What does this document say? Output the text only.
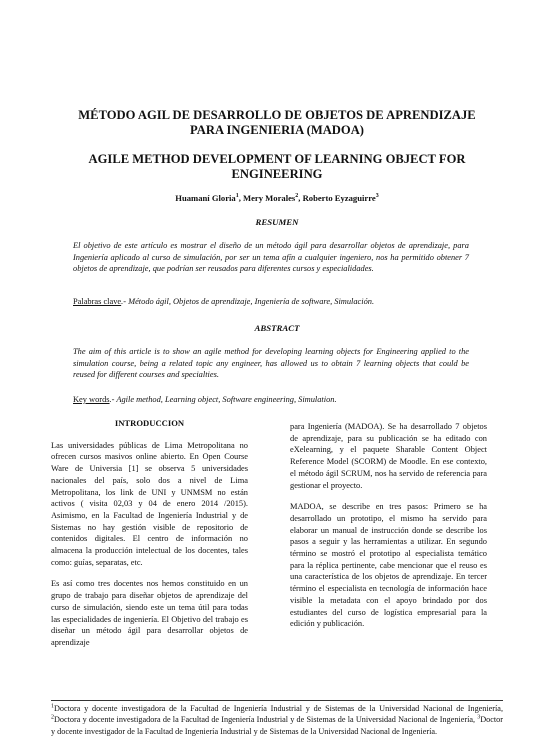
MÉTODO AGIL DE DESARROLLO DE OBJETOS DE APRENDIZAJE PARA INGENIERIA (MADOA)
AGILE METHOD DEVELOPMENT OF LEARNING OBJECT FOR ENGINEERING
Huamaní Gloria$^1$, Mery Morales$^2$, Roberto Eyzaguirre$^3$
RESUMEN
El objetivo de este artículo es mostrar el diseño de un método ágil para desarrollar objetos de aprendizaje, para Ingeniería aplicado al curso de simulación, por ser un tema afín a cualquier ingeniero, nos ha permitido obtener 7 objetos de aprendizaje, que podrían ser reusados para diferentes cursos y especialidades.
Palabras clave.- Método ágil, Objetos de aprendizaje, Ingeniería de software, Simulación.
ABSTRACT
The aim of this article is to show an agile method for developing learning objects for Engineering applied to the simulation course, being a related topic any engineer, has allowed us to obtain 7 learning objects that could be reused for different courses and specialties.
Key words.- Agile method, Learning object, Software engineering, Simulation.

INTRODUCCION

Las universidades públicas de Lima Metropolitana no ofrecen cursos masivos online abierto. En Open Course Ware de Universia [1] se observa 5 universidades nacionales del país, solo dos a nivel de Lima Metropolitana, los link de UNI y UNMSM no están activos ( visita 02,03 y 04 de enero 2014 /2015). Asimismo, en la Facultad de Ingeniería Industrial y de Sistemas no hay gestión visible de repositorio de contenidos digitales. El centro de información no almacena la producción intelectual de los docentes, tales como: guías, separatas, etc.

Es así como tres docentes nos hemos constituido en un grupo de trabajo para diseñar objetos de aprendizaje del curso de simulación, siendo este un tema útil para todas las especialidades de ingeniería. El Objetivo del trabajo es diseñar un método ágil para desarrollar objetos de aprendizaje

para Ingeniería (MADOA). Se ha desarrollado 7 objetos de aprendizaje, para su publicación se ha editado con eXelearning, y el paquete Sharable Content Object Reference Model (SCORM) de Moodle. En ese contexto, el método ágil SCRUM, nos ha servido de referencia para gestionar el proyecto.

MADOA, se describe en tres pasos: Primero se ha desarrollado un prototipo, el mismo ha servido para elaborar un manual de instrucción donde se describe los pasos a seguir y las herramientas a utilizar. En segundo término se mostró el prototipo al especialista temático para la réplica pertinente, cabe mencionar que el reuso es una característica de los objetos de aprendizaje. En tercer término el especialista en tecnología de información hace visible la metadata con el apoyo brindado por dos estudiantes del curso de logística empresarial para la edición y publicación.

$^1$Doctora y docente investigadora de la Facultad de Ingeniería Industrial y de Sistemas de la Universidad Nacional de Ingeniería, $^2$Doctora y docente investigadora de la Facultad de Ingeniería Industrial y de Sistemas de la Universidad Nacional de Ingeniería, $^3$Doctor y docente investigador de la Facultad de Ingeniería Industrial y de Sistemas de la Universidad Nacional de Ingeniería.
